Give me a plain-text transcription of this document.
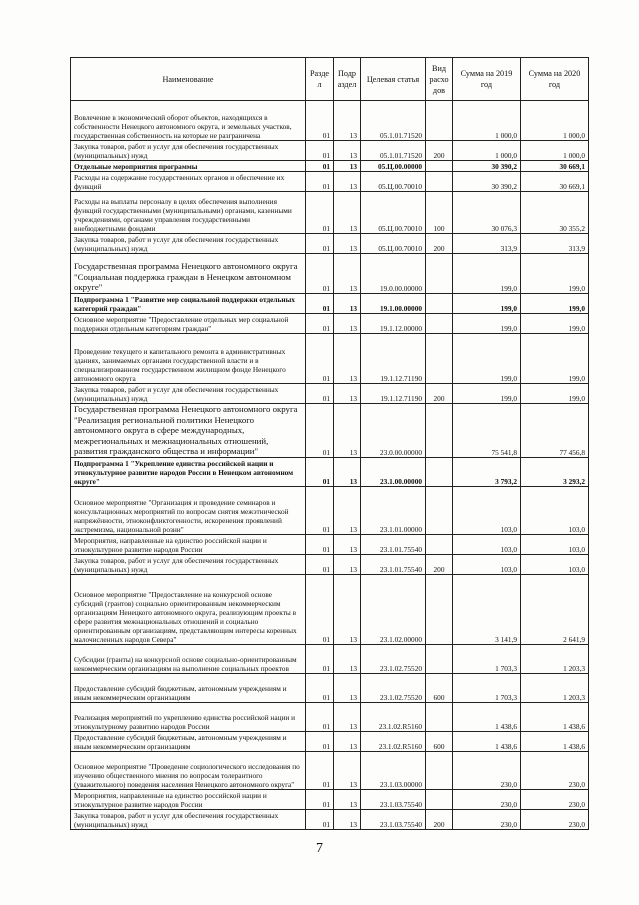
Наименование	Разде л	Подр аздел	Целевая статья	Вид расхо дов	Сумма на 2019 год	Сумма на 2020 год
Вовлечение в экономический оборот объектов, находящихся в собственности Ненецкого автономного округа, и земельных участков, государственная собственность на которые не разграничена	01	13	05.1.01.71520		1 000,0	1 000,0
Закупка товаров, работ и услуг для обеспечения государственных (муниципальных) нужд	01	13	05.1.01.71520	200	1 000,0	1 000,0
Отдельные мероприятия программы	01	13	05.Ц.00.00000		30 390,2	30 669,1
Расходы на содержание государственных органов и обеспечение их функций	01	13	05.Ц.00.70010		30 390,2	30 669,1
Расходы на выплаты персоналу в целях обеспечения выполнения функций государственными (муниципальными) органами, казенными учреждениями, органами управления государственными внебюджетными фондами	01	13	05.Ц.00.70010	100	30 076,3	30 355,2
Закупка товаров, работ и услуг для обеспечения государственных (муниципальных) нужд	01	13	05.Ц.00.70010	200	313,9	313,9
Государственная программа Ненецкого автономного округа "Социальная поддержка граждан в Ненецком автономном округе"	01	13	19.0.00.00000		199,0	199,0
Подпрограмма 1 "Развитие мер социальной поддержки отдельных категорий граждан"	01	13	19.1.00.00000		199,0	199,0
Основное мероприятие "Предоставление отдельных мер социальной поддержки отдельным категориям граждан"	01	13	19.1.12.00000		199,0	199,0
Проведение текущего и капитального ремонта в административных зданиях, занимаемых органами государственной власти и в специализированном государственном жилищном фонде Ненецкого автономного округа	01	13	19.1.12.71190		199,0	199,0
Закупка товаров, работ и услуг для обеспечения государственных (муниципальных) нужд	01	13	19.1.12.71190	200	199,0	199,0
Государственная программа Ненецкого автономного округа "Реализация региональной политики Ненецкого автономного округа в сфере международных, межрегиональных и межнациональных отношений, развития гражданского общества и информации"	01	13	23.0.00.00000		75 541,8	77 456,8
Подпрограмма 1 "Укрепление единства российской нации и этнокультурное развитие народов России в Ненецком автономном округе"	01	13	23.1.00.00000		3 793,2	3 293,2
Основное мероприятие "Организация и проведение семинаров и консультационных мероприятий по вопросам снятия межэтнической напряжённости, этноконфликтогенности, искоренения проявлений экстремизма, национальной розни"	01	13	23.1.01.00000		103,0	103,0
Мероприятия, направленные на единство российской нации и этнокультурное развитие народов России	01	13	23.1.01.75540		103,0	103,0
Закупка товаров, работ и услуг для обеспечения государственных (муниципальных) нужд	01	13	23.1.01.75540	200	103,0	103,0
Основное мероприятие "Предоставление на конкурсной основе субсидий (грантов) социально ориентированным некоммерческим организациям Ненецкого автономного округа, реализующим проекты в сфере развития межнациональных отношений и социально ориентированным организациям, представляющим интересы коренных малочисленных народов Севера"	01	13	23.1.02.00000		3 141,9	2 641,9
Субсидии (гранты) на конкурсной основе социально-ориентированным некоммерческим организациям на выполнение социальных проектов	01	13	23.1.02.75520		1 703,3	1 203,3
Предоставление субсидий бюджетным, автономным учреждениям и иным некоммерческим организациям	01	13	23.1.02.75520	600	1 703,3	1 203,3
Реализация мероприятий по укреплению единства российской нации и этнокультурному развитию народов России	01	13	23.1.02.R5160		1 438,6	1 438,6
Предоставление субсидий бюджетным, автономным учреждениям и иным некоммерческим организациям	01	13	23.1.02.R5160	600	1 438,6	1 438,6
Основное мероприятие "Проведение социологического исследования по изучению общественного мнения по вопросам толерантного (уважительного) поведения населения Ненецкого автономного округа"	01	13	23.1.03.00000		230,0	230,0
Мероприятия, направленные на единство российской нации и этнокультурное развитие народов России	01	13	23.1.03.75540		230,0	230,0
Закупка товаров, работ и услуг для обеспечения государственных (муниципальных) нужд	01	13	23.1.03.75540	200	230,0	230,0
7
